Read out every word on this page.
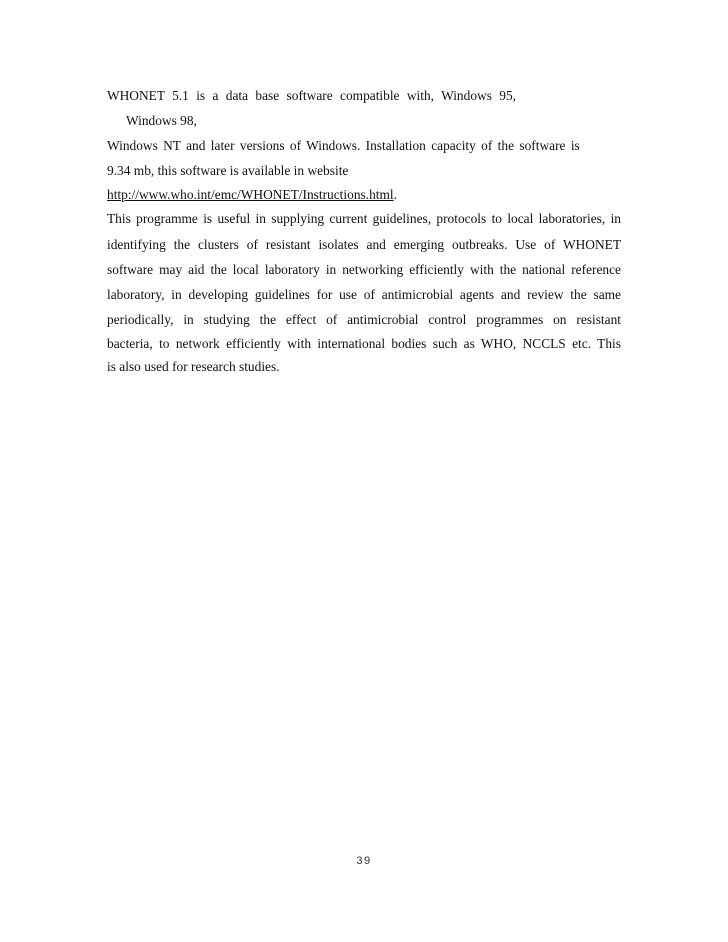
WHONET 5.1 is a data base software compatible with, Windows 95,
Windows 98,
Windows NT and later versions of Windows. Installation capacity of the software is
9.34 mb, this software is available in website
http://www.who.int/emc/WHONET/Instructions.html.
This programme is useful in supplying current guidelines, protocols to local laboratories, in
identifying the clusters of resistant isolates and emerging outbreaks. Use of WHONET
software may aid the local laboratory in networking efficiently with the national reference
laboratory, in developing guidelines for use of antimicrobial agents and review the same
periodically, in studying the effect of antimicrobial control programmes on resistant
bacteria, to network efficiently with international bodies such as WHO, NCCLS etc. This
is also used for research studies.
39
